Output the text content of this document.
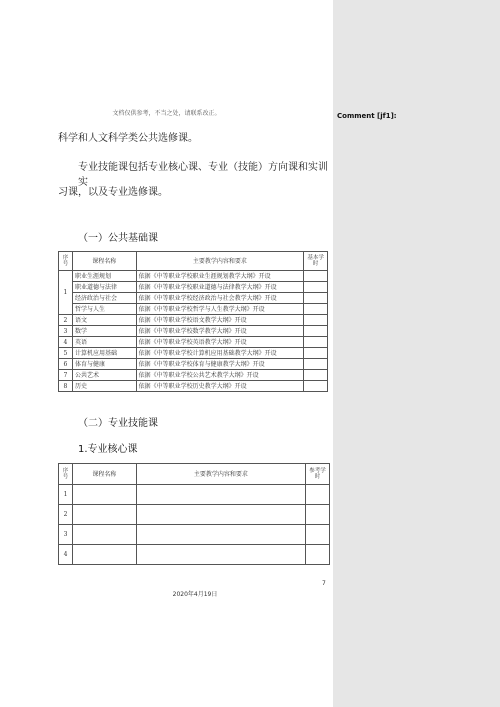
文档仅供参考，不当之处，请联系改正。
科学和人文科学类公共选修课。
专业技能课包括专业核心课、专业（技能）方向课和实训实
习课，以及专业选修课。
（一）公共基础课
序号	课程名称	主要教学内容和要求	基本学时
1	职业生涯规划	依据《中等职业学校职业生涯规划教学大纲》开设	
	职业道德与法律	依据《中等职业学校职业道德与法律教学大纲》开设	
	经济政治与社会	依据《中等职业学校经济政治与社会教学大纲》开设	
	哲学与人生	依据《中等职业学校哲学与人生教学大纲》开设	
2	语文	依据《中等职业学校语文教学大纲》开设	
3	数学	依据《中等职业学校数学教学大纲》开设	
4	英语	依据《中等职业学校英语教学大纲》开设	
5	计算机应用基础	依据《中等职业学校计算机应用基础教学大纲》开设	
6	体育与健康	依据《中等职业学校体育与健康教学大纲》开设	
7	公共艺术	依据《中等职业学校公共艺术教学大纲》开设	
8	历史	依据《中等职业学校历史教学大纲》开设	
（二）专业技能课
1.专业核心课
序号	课程名称	主要教学内容和要求	参考学时
1			
2			
3			
4			
7
2020年4月19日
Comment [jf1]:
